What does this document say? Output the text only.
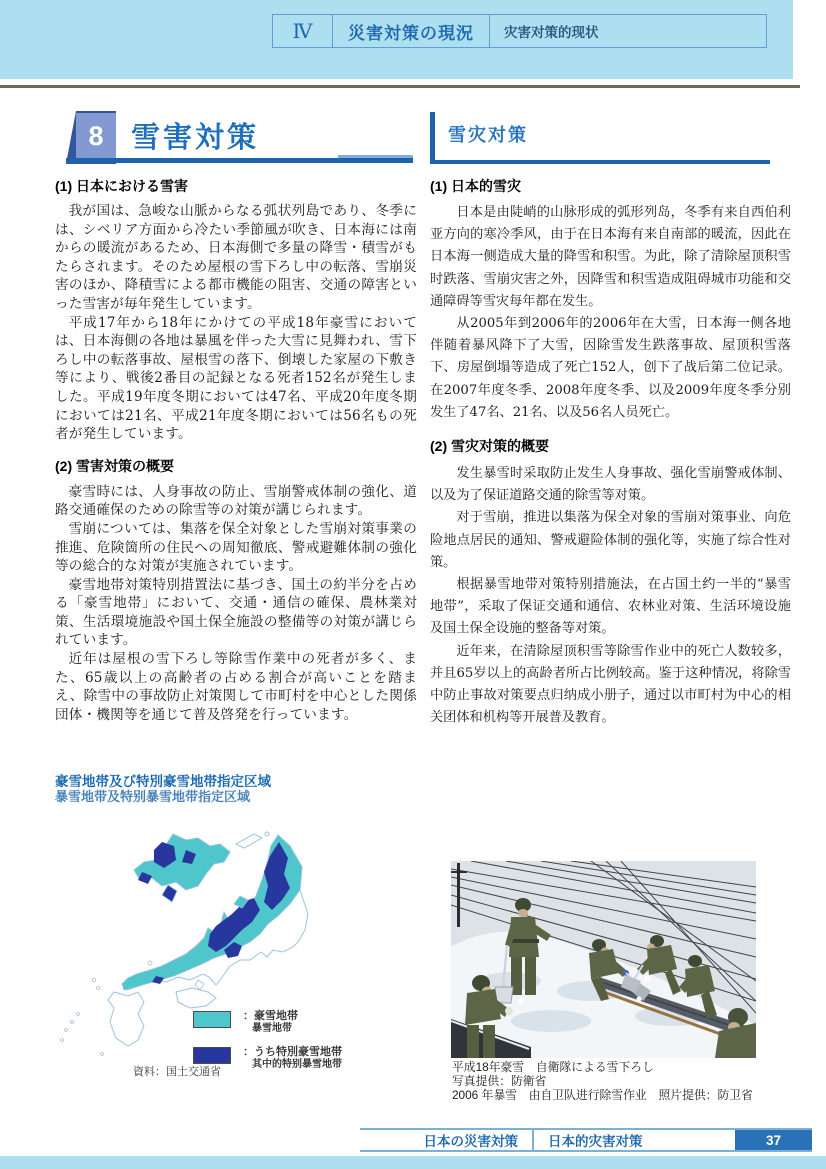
Ⅳ	災害対策の現況	灾害对策的现状
8 雪害対策	雪灾对策
(1) 日本における雪害

我が国は、急峻な山脈からなる弧状列島であり、冬季には、シベリア方面から冷たい季節風が吹き、日本海には南からの暖流があるため、日本海側で多量の降雪・積雪がもたらされます。そのため屋根の雪下ろし中の転落、雪崩災害のほか、降積雪による都市機能の阻害、交通の障害といった雪害が毎年発生しています。

平成17年から18年にかけての平成18年豪雪においては、日本海側の各地は暴風を伴った大雪に見舞われ、雪下ろし中の転落事故、屋根雪の落下、倒壊した家屋の下敷き等により、戦後2番目の記録となる死者152名が発生しました。平成19年度冬期においては47名、平成20年度冬期においては21名、平成21年度冬期においては56名もの死者が発生しています。

(2) 雪害対策の概要

豪雪時には、人身事故の防止、雪崩警戒体制の強化、道路交通確保のための除雪等の対策が講じられます。

雪崩については、集落を保全対象とした雪崩対策事業の推進、危険箇所の住民への周知徹底、警戒避難体制の強化等の総合的な対策が実施されています。

豪雪地帯対策特別措置法に基づき、国土の約半分を占める「豪雪地帯」において、交通・通信の確保、農林業対策、生活環境施設や国土保全施設の整備等の対策が講じられています。

近年は屋根の雪下ろし等除雪作業中の死者が多く、また、65歳以上の高齢者の占める割合が高いことを踏まえ、除雪中の事故防止対策関して市町村を中心とした関係団体・機関等を通じて普及啓発を行っています。

(1) 日本的雪灾

日本是由陡峭的山脉形成的弧形列岛，冬季有来自西伯利亚方向的寒冷季风，由于在日本海有来自南部的暖流，因此在日本海一侧造成大量的降雪和积雪。为此，除了清除屋顶积雪时跌落、雪崩灾害之外，因降雪和积雪造成阻碍城市功能和交通障碍等雪灾每年都在发生。

从2005年到2006年的2006年在大雪，日本海一侧各地伴随着暴风降下了大雪，因除雪发生跌落事故、屋顶积雪落下、房屋倒塌等造成了死亡152人，创下了战后第二位记录。在2007年度冬季、2008年度冬季、以及2009年度冬季分别发生了47名、21名、以及56名人员死亡。

(2) 雪灾对策的概要

发生暴雪时采取防止发生人身事故、强化雪崩警戒体制、以及为了保证道路交通的除雪等对策。

对于雪崩，推进以集落为保全对象的雪崩对策事业、向危险地点居民的通知、警戒避险体制的强化等，实施了综合性对策。

根据暴雪地带对策特别措施法，在占国土约一半的“暴雪地带”，采取了保证交通和通信、农林业对策、生活环境设施及国土保全设施的整备等对策。

近年来，在清除屋顶积雪等除雪作业中的死亡人数较多，并且65岁以上的高龄者所占比例较高。鉴于这种情况，将除雪中防止事故对策要点归纳成小册子，通过以市町村为中心的相关团体和机构等开展普及教育。

豪雪地帯及び特別豪雪地帯指定区域
暴雪地带及特别暴雪地带指定区域
：豪雪地帯
暴雪地带
：うち特別豪雪地帯
其中的特别暴雪地带
資料：国土交通省	平成18年豪雪　自衛隊による雪下ろし
写真提供：防衛省
2006 年暴雪　由自卫队进行除雪作业　照片提供：防卫省
日本の災害対策	日本的灾害对策	37
